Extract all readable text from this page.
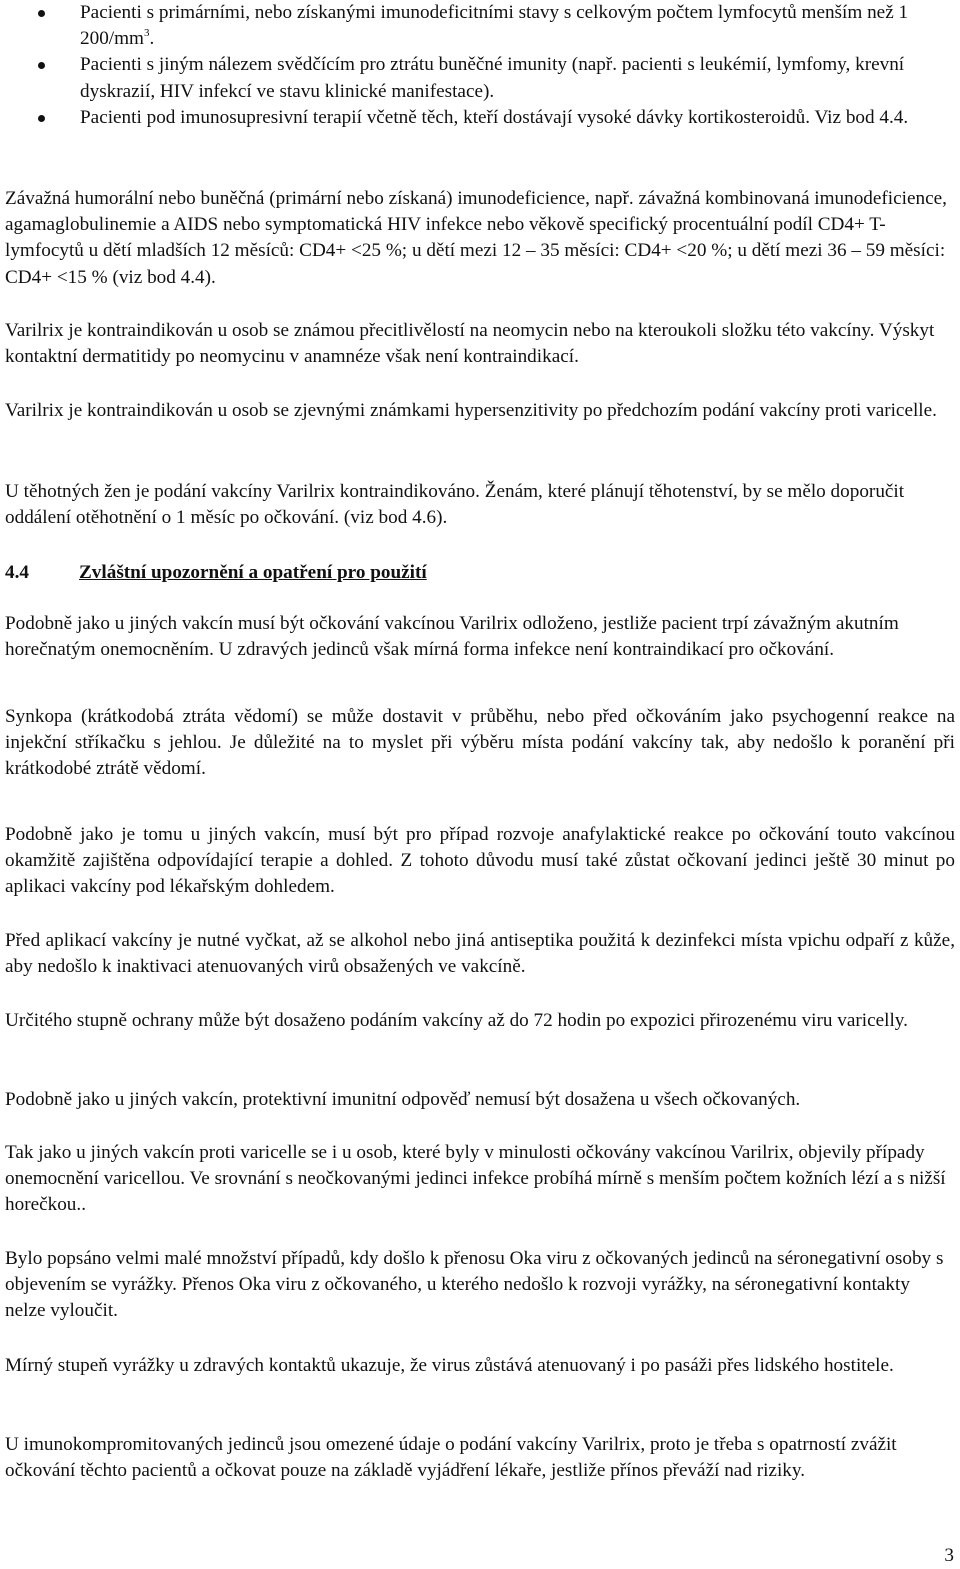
Pacienti s primárními, nebo získanými imunodeficitními stavy s celkovým počtem lymfocytů menším než 1 $200/mm^3$.
Pacienti s jiným nálezem svědčícím pro ztrátu buněčné imunity (např. pacienti s leukémií, lymfomy, krevní dyskrazií, HIV infekcí ve stavu klinické manifestace).
Pacienti pod imunosupresivní terapií včetně těch, kteří dostávají vysoké dávky kortikosteroidů. Viz bod 4.4.

Závažná humorální nebo buněčná (primární nebo získaná) imunodeficience, např. závažná kombinovaná imunodeficience, agamaglobulinemie a AIDS nebo symptomatická HIV infekce nebo věkově specifický procentuální podíl CD4+ T-lymfocytů u dětí mladších 12 měsíců: CD4+ <25 %; u dětí mezi 12 – 35 měsíci: CD4+ <20 %; u dětí mezi 36 – 59 měsíci: CD4+ <15 % (viz bod 4.4).

Varilrix je kontraindikován u osob se známou přecitlivělostí na neomycin nebo na kteroukoli složku této vakcíny. Výskyt kontaktní dermatitidy po neomycinu v anamnéze však není kontraindikací.

Varilrix je kontraindikován u osob se zjevnými známkami hypersenzitivity po předchozím podání vakcíny proti varicelle.

U těhotných žen je podání vakcíny Varilrix kontraindikováno. Ženám, které plánují těhotenství, by se mělo doporučit oddálení otěhotnění o 1 měsíc po očkování. (viz bod 4.6).

4.4	Zvláštní upozornění a opatření pro použití

Podobně jako u jiných vakcín musí být očkování vakcínou Varilrix odloženo, jestliže pacient trpí závažným akutním horečnatým onemocněním. U zdravých jedinců však mírná forma infekce není kontraindikací pro očkování.

Synkopa (krátkodobá ztráta vědomí) se může dostavit v průběhu, nebo před očkováním jako psychogenní reakce na injekční stříkačku s jehlou. Je důležité na to myslet při výběru místa podání vakcíny tak, aby nedošlo k poranění při krátkodobé ztrátě vědomí.

Podobně jako je tomu u jiných vakcín, musí být pro případ rozvoje anafylaktické reakce po očkování touto vakcínou okamžitě zajištěna odpovídající terapie a dohled. Z tohoto důvodu musí také zůstat očkovaní jedinci ještě 30 minut po aplikaci vakcíny pod lékařským dohledem.

Před aplikací vakcíny je nutné vyčkat, až se alkohol nebo jiná antiseptika použitá k dezinfekci místa vpichu odpaří z kůže, aby nedošlo k inaktivaci atenuovaných virů obsažených ve vakcíně.

Určitého stupně ochrany může být dosaženo podáním vakcíny až do 72 hodin po expozici přirozenému viru varicelly.

Podobně jako u jiných vakcín, protektivní imunitní odpověď nemusí být dosažena u všech očkovaných.

Tak jako u jiných vakcín proti varicelle se i u osob, které byly v minulosti očkovány vakcínou Varilrix, objevily případy onemocnění varicellou. Ve srovnání s neočkovanými jedinci infekce probíhá mírně s menším počtem kožních lézí a s nižší horečkou..

Bylo popsáno velmi malé množství případů, kdy došlo k přenosu Oka viru z očkovaných jedinců na séronegativní osoby s objevením se vyrážky. Přenos Oka viru z očkovaného, u kterého nedošlo k rozvoji vyrážky, na séronegativní kontakty nelze vyloučit.

Mírný stupeň vyrážky u zdravých kontaktů ukazuje, že virus zůstává atenuovaný i po pasáži přes lidského hostitele.

U imunokompromitovaných jedinců jsou omezené údaje o podání vakcíny Varilrix, proto je třeba s opatrností zvážit očkování těchto pacientů a očkovat pouze na základě vyjádření lékaře, jestliže přínos převáží nad riziky.

3
